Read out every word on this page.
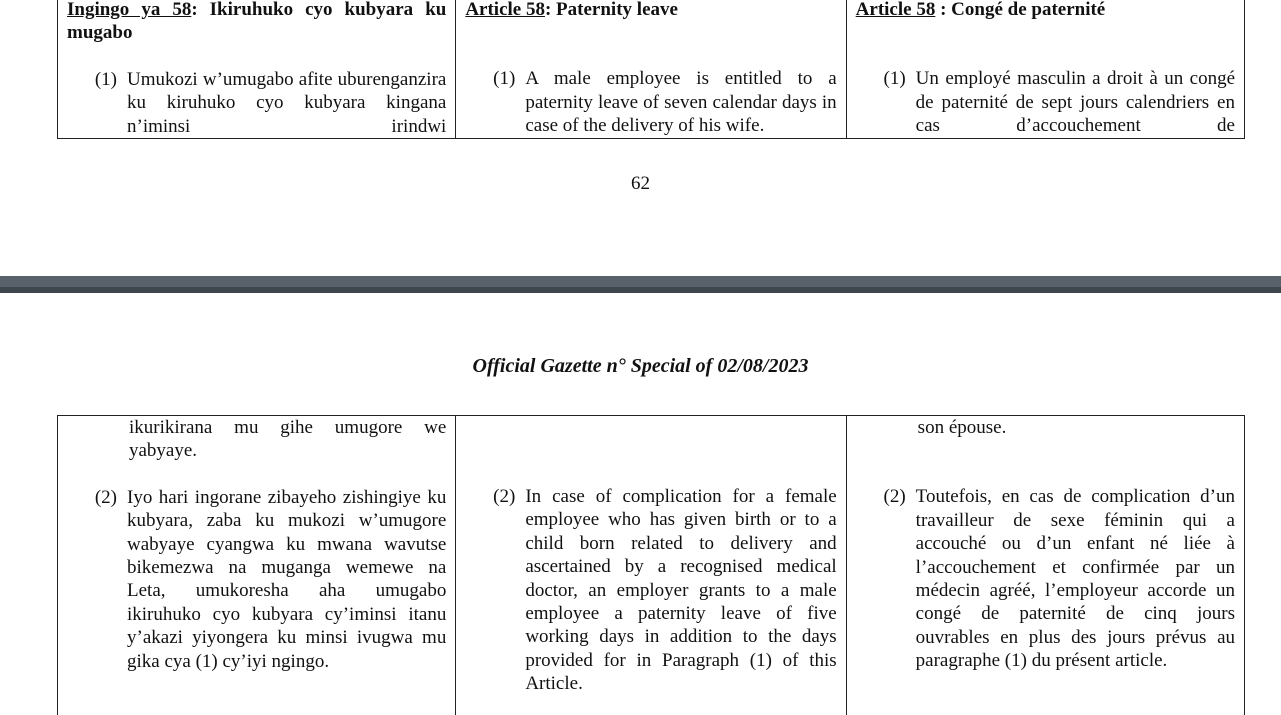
Ingingo ya 58: Ikiruhuko cyo kubyara ku mugabo

(1) Umukozi w’umugabo afite uburenganzira ku kiruhuko cyo kubyara kingana n’iminsi irindwi

Article 58: Paternity leave

(1) A male employee is entitled to a paternity leave of seven calendar days in case of the delivery of his wife.

Article 58 : Congé de paternité

(1) Un employé masculin a droit à un congé de paternité de sept jours calendriers en cas d’accouchement de
62
Official Gazette n° Special of 02/08/2023
ikurikirana mu gihe umugore we yabyaye.
(2) Iyo hari ingorane zibayeho zishingiye ku kubyara, zaba ku mukozi w’umugore wabyaye cyangwa ku mwana wavutse bikemezwa na muganga wemewe na Leta, umukoresha aha umugabo ikiruhuko cyo kubyara cy’iminsi itanu y’akazi yiyongera ku minsi ivugwa mu gika cya (1) cy’iyi ngingo.
(2) In case of complication for a female employee who has given birth or to a child born related to delivery and ascertained by a recognised medical doctor, an employer grants to a male employee a paternity leave of five working days in addition to the days provided for in Paragraph (1) of this Article.
son épouse.
(2) Toutefois, en cas de complication d’un travailleur de sexe féminin qui a accouché ou d’un enfant né liée à l’accouchement et confirmée par un médecin agréé, l’employeur accorde un congé de paternité de cinq jours ouvrables en plus des jours prévus au paragraphe (1) du présent article.
